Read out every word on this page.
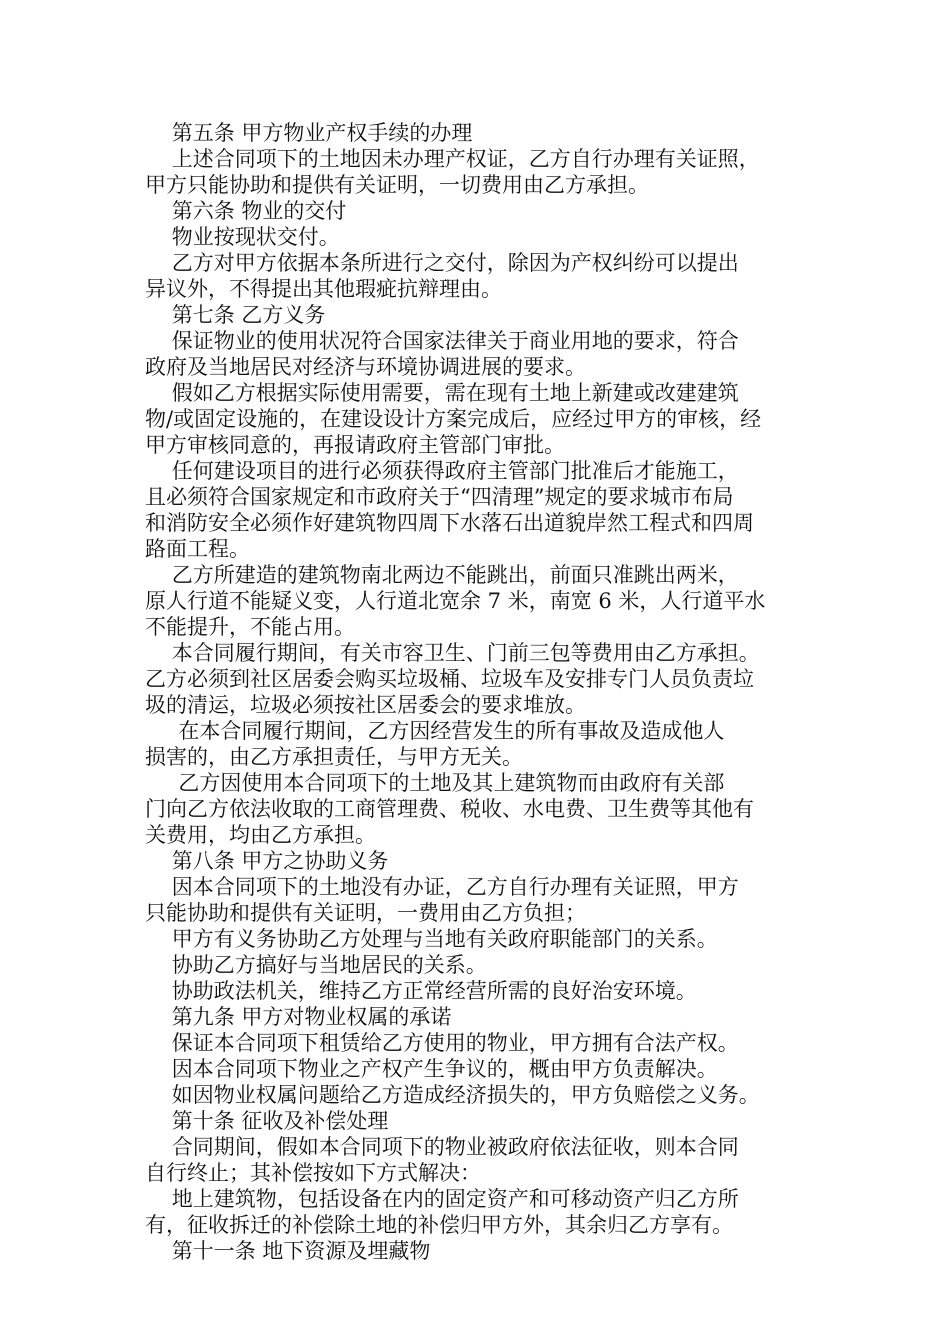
第五条 甲方物业产权手续的办理
上述合同项下的土地因未办理产权证，乙方自行办理有关证照，
甲方只能协助和提供有关证明，一切费用由乙方承担。
第六条 物业的交付
物业按现状交付。
乙方对甲方依据本条所进行之交付，除因为产权纠纷可以提出
异议外，不得提出其他瑕疵抗辩理由。
第七条 乙方义务
保证物业的使用状况符合国家法律关于商业用地的要求，符合
政府及当地居民对经济与环境协调进展的要求。
假如乙方根据实际使用需要，需在现有土地上新建或改建建筑
物/或固定设施的，在建设设计方案完成后，应经过甲方的审核，经
甲方审核同意的，再报请政府主管部门审批。
任何建设项目的进行必须获得政府主管部门批准后才能施工，
且必须符合国家规定和市政府关于“四清理”规定的要求城市布局
和消防安全必须作好建筑物四周下水落石出道貌岸然工程式和四周
路面工程。
乙方所建造的建筑物南北两边不能跳出，前面只准跳出两米，
原人行道不能疑义变，人行道北宽余 7 米，南宽 6 米，人行道平水
不能提升，不能占用。
本合同履行期间，有关市容卫生、门前三包等费用由乙方承担。
乙方必须到社区居委会购买垃圾桶、垃圾车及安排专门人员负责垃
圾的清运，垃圾必须按社区居委会的要求堆放。
在本合同履行期间，乙方因经营发生的所有事故及造成他人
损害的，由乙方承担责任，与甲方无关。
乙方因使用本合同项下的土地及其上建筑物而由政府有关部
门向乙方依法收取的工商管理费、税收、水电费、卫生费等其他有
关费用，均由乙方承担。
第八条 甲方之协助义务
因本合同项下的土地没有办证，乙方自行办理有关证照，甲方
只能协助和提供有关证明，一费用由乙方负担；
甲方有义务协助乙方处理与当地有关政府职能部门的关系。
协助乙方搞好与当地居民的关系。
协助政法机关，维持乙方正常经营所需的良好治安环境。
第九条 甲方对物业权属的承诺
保证本合同项下租赁给乙方使用的物业，甲方拥有合法产权。
因本合同项下物业之产权产生争议的，概由甲方负责解决。
如因物业权属问题给乙方造成经济损失的，甲方负赔偿之义务。
第十条 征收及补偿处理
合同期间，假如本合同项下的物业被政府依法征收，则本合同
自行终止；其补偿按如下方式解决：
地上建筑物，包括设备在内的固定资产和可移动资产归乙方所
有，征收拆迁的补偿除土地的补偿归甲方外，其余归乙方享有。
第十一条 地下资源及埋藏物
